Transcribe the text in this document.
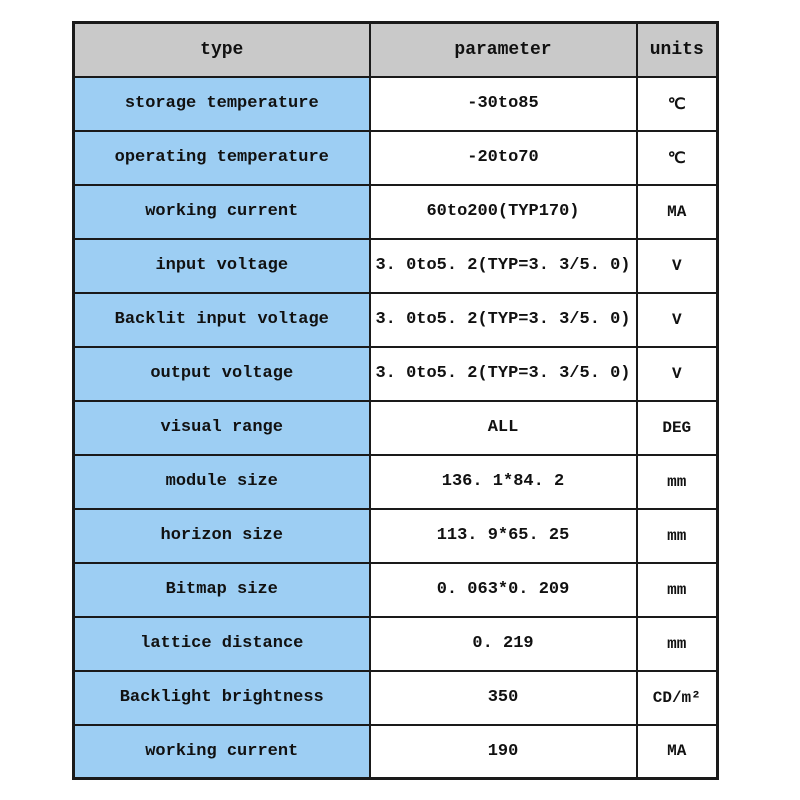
type	parameter	units
storage temperature	-30to85	℃
operating temperature	-20to70	℃
working current	60to200(TYP170)	MA
input voltage	3. 0to5. 2(TYP=3. 3/5. 0)	V
Backlit input voltage	3. 0to5. 2(TYP=3. 3/5. 0)	V
output voltage	3. 0to5. 2(TYP=3. 3/5. 0)	V
visual range	ALL	DEG
module size	136. 1*84. 2	mm
horizon size	113. 9*65. 25	mm
Bitmap size	0. 063*0. 209	mm
lattice distance	0. 219	mm
Backlight brightness	350	CD/m²
working current	190	MA
